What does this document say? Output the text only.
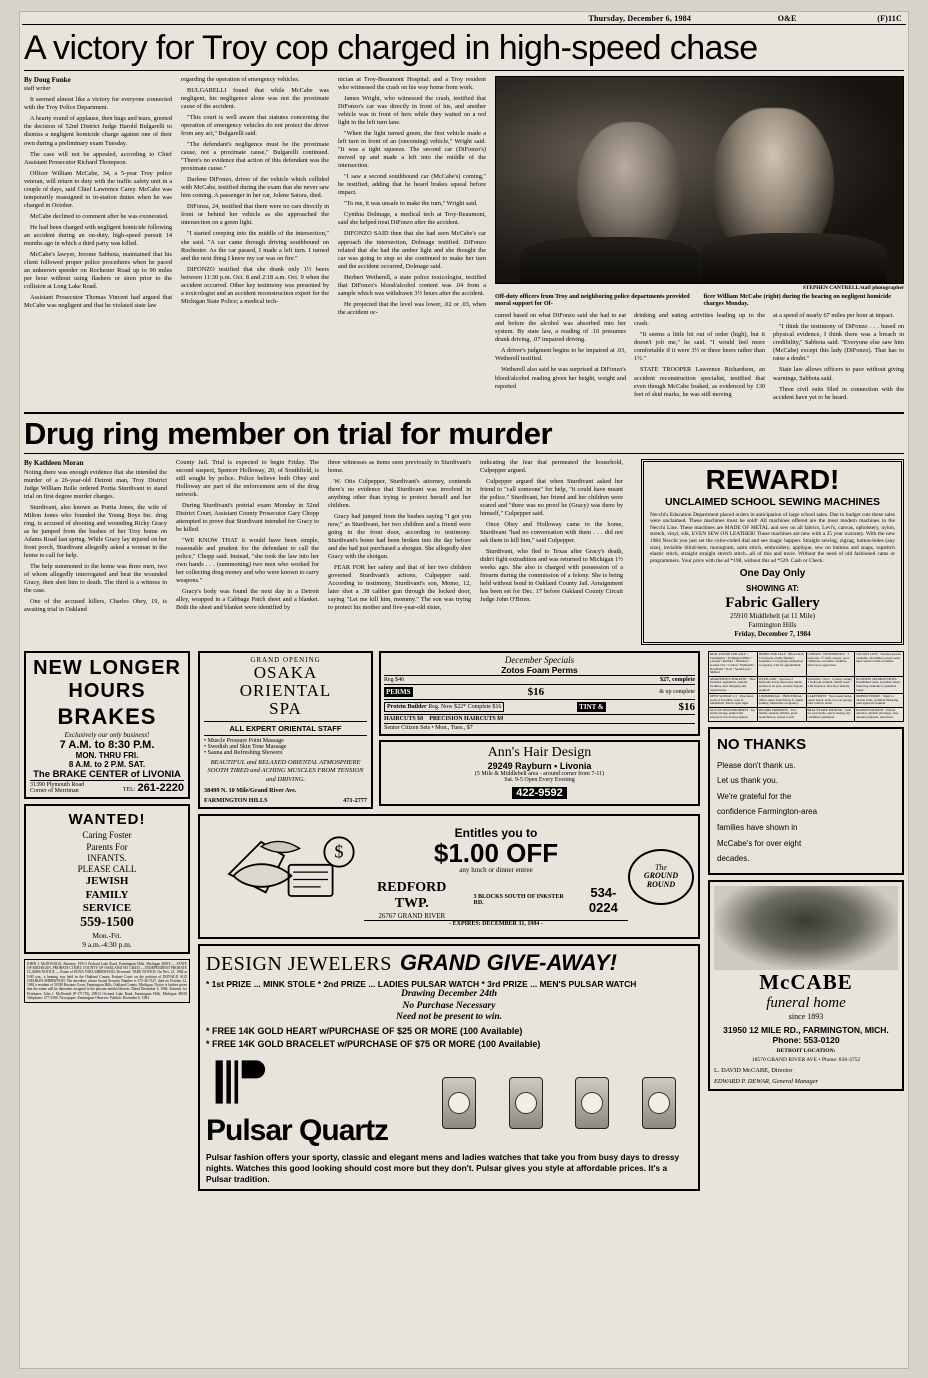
Thursday, December 6, 1984	O&E	(F)11C
A victory for Troy cop charged in high-speed chase
By Doug Funke
staff writer

It seemed almost like a victory for everyone connected with the Troy Police Department.

A hearty round of applause, then hugs and tears, greeted the decision of 52nd District Judge Harold Bulgarelli to dismiss a negligent homicide charge against one of their own during a preliminary exam Tuesday.

The case will not be appealed, according to Chief Assistant Prosecutor Richard Thompson.

Officer William McCabe, 34, a 5-year Troy police veteran, will return to duty with the traffic safety unit in a couple of days, said Chief Lawrence Carey. McCabe was temporarily reassigned to in-station duties when he was charged in October.

McCabe declined to comment after he was exonerated.

He had been charged with negligent homicide following an accident during an on-duty, high-speed pursuit 14 months ago in which a third party was killed.

McCabe's lawyer, Jerome Sabbota, maintained that his client followed proper police procedures when he paced an unknown speeder on Rochester Road up to 90 miles per hour without using flashers or siren prior to the collision at Long Lake Road.

Assistant Prosecutor Thomas Vincent had argued that McCabe was negligent and that he violated state law

regarding the operation of emergency vehicles.

BULGARELLI found that while McCabe was negligent, his negligence alone was not the proximate cause of the accident.

"This court is well aware that statutes concerning the operation of emergency vehicles do not protect the driver from any act," Bulgarelli said.

"The defendant's negligence must be the proximate cause, not a proximate cause," Bulgarelli continued. "There's no evidence that action of this defendant was the proximate cause."

Darlene DiFonzo, driver of the vehicle which collided with McCabe, testified during the exam that she never saw him coming. A passenger in her car, Jolene Satora, died.

DiFonza, 24, testified that there were no cars directly in front or behind her vehicle as she approached the intersection on a green light.

"I started creeping into the middle of the intersection," she said. "A car came through driving southbound on Rochester. As the car passed, I made a left turn. I turned and the next thing I knew my car was on fire."

DIFONZO testified that she drank only 1½ beers between 11:30 p.m. Oct. 8 and 2:18 a.m. Oct. 9 when the accident occurred. Other key testimony was presented by a toxicologist and an accident reconstruction expert for the Michigan State Police; a medical tech-

nician at Troy-Beaumont Hospital; and a Troy resident who witnessed the crash on his way home from work.

James Wright, who witnessed the crash, testified that DiFonzo's car was directly in front of his, and another vehicle was in front of hers while they waited on a red light in the left turn lane.

"When the light turned green, the first vehicle made a left turn in front of an (oncoming) vehicle," Wright said. "It was a tight squeeze. The second car (DiFonzo's) moved up and made a left into the middle of the intersection.

"I saw a second southbound car (McCabe's) coming," he testified, adding that he heard brakes squeal before impact.

"To me, it was unsafe to make the turn," Wright said.

Cynthia Dolmage, a medical tech at Troy-Beaumont, said she helped treat DiFonzo after the accident.

DIFONZO SAID then that she had seen McCabe's car approach the intersection, Dolmage testified. DiFonzo related that she had the amber light and she thought the car was going to stop so she continued to make her turn and the accident occurred, Dolmage said.

Herbert Wetherell, a state police toxicologist, testified that DiFonzo's blood/alcohol content was .04 from a sample which was withdrawn 3½ hours after the accident.

He projected that the level was lower, .02 or .03, when the accident oc-

STEPHEN CANTRELL/staff photographer
Off-duty officers from Troy and neighboring police departments provided moral support for Of-
ficer William McCabe (right) during the hearing on negligent homicide charges Monday.

curred based on what DiFonzo said she had to eat and before the alcohol was absorbed into her system. By state law, a reading of .10 presumes drunk driving, .07 impaired driving.

A driver's judgment begins to be impaired at .03, Wetherell testified.

Wetherell also said he was surprised at DiFonzo's blood/alcohol reading given her height, weight and reported

drinking and eating activities leading up to the crash.

"It seems a little bit out of order (high), but it doesn't jolt me," he said. "I would feel more comfortable if it were 3½ or three beers rather than 1½."

STATE TROOPER Lawrence Richardson, an accident reconstruction specialist, testified that even though McCabe braked, as evidenced by 130 feet of skid marks, he was still moving

at a speed of nearly 67 miles per hour at impact.

"I think the testimony of DiFonzo . . . based on physical evidence, I think there was a breach in credibility," Sabbota said. "Everyone else saw him (McCabe) except this lady (DiFonzo). That has to raise a doubt."

State law allows officers to pace without giving warnings, Sabbota said.

Three civil suits filed in connection with the accident have yet to be heard.

Drug ring member on trial for murder
By Kathleen Moran

Noting there was enough evidence that she intended the murder of a 26-year-old Detroit man, Troy District Judge William Bolle ordered Portia Sturdivant to stand trial on first degree murder charges.

Sturdivant, also known as Portia Jones, the wife of Milton Jones who founded the Young Boys Inc. drug ring, is accused of shooting and wounding Ricky Gracy as he jumped from the bushes of her Troy home on Adams Road last spring. While Gracy lay injured on her front porch, Sturdivant allegedly asked a woman in the home to call for help.

The help summoned to the home was three men, two of whom allegedly interrogated and beat the wounded Gracy, then shot him to death. The third is a witness in the case.

One of the accused killers, Charles Obey, 19, is awaiting trial in Oakland

County Jail. Trial is expected to begin Friday. The second suspect, Spencer Holloway, 20, of Southfield, is still sought by police. Police believe both Obey and Holloway are part of the enforcement arm of the drug network.

During Sturdivant's pretrial exam Monday in 52nd District Court, Assistant County Prosecutor Gary Chopp attempted to prove that Sturdivant intended for Gracy to be killed.

"WE KNOW THAT it would have been simple, reasonable and prudent for the defendant to call the police," Chopp said. Instead, "she took the law into her own hands . . . (summoning) two men who worked for her collecting drug money and who were known to carry weapons."

Gracy's body was found the next day in a Detroit alley, wrapped in a Cabbage Patch sheet and a blanket. Both the sheet and blanket were identified by

three witnesses as items seen previously in Sturdivant's home.

W. Otis Culpepper, Sturdivant's attorney, contends there's no evidence that Sturdivant was involved in anything other than trying to protect herself and her children.

Gracy had jumped from the bushes saying "I got you now," as Sturdivant, her two children and a friend were going in the front door, according to testimony. Sturdivant's home had been broken into the day before and she had just purchased a shotgun. She allegedly shot Gracy with the shotgun.

FEAR FOR her safety and that of her two children governed Sturdivant's actions, Culpepper said. According to testimony, Sturdivant's son, Momo, 12, later shot a .38 caliber gun through the locked door, saying "Let me kill him, mommy." The son was trying to protect his mother and five-year-old sister,

indicating the fear that permeated the household, Culpepper argued.

Culpepper argued that when Sturdivant asked her friend to "call someone" for help, "it could have meant the police." Sturdivant, her friend and her children were scared and "there was no proof he (Gracy) was there by himself," Culpepper said.

Once Obey and Holloway came to the home, Sturdivant "had no conversation with them . . . did not ask them to kill him," said Culpepper.

Sturdivant, who fled to Texas after Gracy's death, didn't fight extradition and was returned to Michigan 1½ weeks ago. She also is charged with possession of a firearm during the commission of a felony. She is being held without bond in Oakland County Jail. Arraignment has been set for Dec. 17 before Oakland County Circuit Judge John O'Brien.

REWARD!
UNCLAIMED SCHOOL SEWING MACHINES
Necchi's Education Department placed orders in anticipation of large school sales. Due to budget cuts these sales were unclaimed. These machines must be sold! All machines offered are the most modern machines in the Necchi Line. These machines are MADE OF METAL and sew on all fabrics, Levi's, canvas, upholstery, nylon, stretch, vinyl, silk, EVEN SEW ON LEATHER! These machines are new with a 25 year warranty. With the new 1984 Necchi you just set the color-coded dial and see magic happen. Straight sewing, zigzag, button-holes (any size), invisible blind-hem, monogram, satin stitch, embroidery, applique, sew on buttons and snaps, topstitch elastic stitch, straight straight stretch stitch...all of this and more. Without the need of old fashioned cams or programmers. Your price with the ad *198, without this ad *529. Cash or Check.
One Day Only
SHOWING AT:
Fabric Gallery
25910 Middlebelt (at 11 Mile)
Farmington Hills
Friday, December 7, 1984
NEW LONGER HOURS
BRAKES
Exclusively our only business!
7 A.M. to 8:30 P.M.
MON. THRU FRI.
8 A.M. to 2 P.M. SAT.
The BRAKE CENTER of LIVONIA
31390 Plymouth Road
Corner of Merriman	TEL: 261-2220
WANTED!
Caring Foster
Parents For
INFANTS.
PLEASE CALL
JEWISH
FAMILY
SERVICE
559-1500
Mon.-Fri.
9 a.m.-4:30 p.m.
JOHN J. McDONALD, Attorney, 19313 Orchard Lake Road, Farmington Hills, Michigan 48018 — STATE OF MICHIGAN, PROBATE COURT, COUNTY OF OAKLAND NO 146333 — INDEPENDENT PROBATE CLAIMS NOTICE — Estate of EDNA VIDA SHERWOOD, Deceased. TAKE NOTICE: On Nov. 21, 1984 at 9:00 a.m., a hearing was held in the Oakland County Probate Court on the petition of DONALD ALD CHARLES SHERWOOD. The decedent, whose Social Security Number is 375-46-7147, died on October 12, 1984 a resident of 31950 Bostano Court, Farmington Hills, Oakland County, Michigan. Notice is further given that the estate will be thereafter assigned to the persons entitled thereto. Dated December 3, 1984. Attorney for Petitioner: John J. McDonald (P-171719), 29913 Orchard Lake Road, Farmington Hills, Michigan 48018 Telephone: 477-5500. Newspaper: Farmington Observer. Publish: December 6, 1984
GRAND OPENING
OSAKA
ORIENTAL
SPA
ALL EXPERT ORIENTAL STAFF
• Muscle Pressure Point Massage
• Swedish and Skin Tone Massage
• Sauna and Refreshing Showers
BEAUTIFUL and RELAXED ORIENTAL ATMOSPHERE SOOTH TIRED and ACHING MUSCLES FROM TENSION and DRIVING.
38499 N. 10 Mile/Grand River Ave.
FARMINGTON HILLS	471-2777
December Specials
Zotos Foam Perms
Reg $46	$27, complete
PERMS	$16	& up complete
Protein Builder Reg. Now $22* Complete $16	TINT &	$16
HAIRCUTS $8 PRECISION HAIRCUTS $9
Senior Citizen Sets • Mon., Tues., $7
Ann's Hair Design
29249 Rayburn • Livonia
(5 Mile & Middlebelt area - around corner from 7-11)
Sat. 9-5 Open Every Evening
422-9592
$
Entitles you to
$1.00 OFF
any lunch or dinner entree
REDFORD TWP.
26767 GRAND RIVER
3 BLOCKS SOUTH OF INKSTER RD.
534-0224
- EXPIRES: DECEMBER 31, 1984 -
The
GROUND
ROUND
DESIGN JEWELERS GRAND GIVE-AWAY!
* 1st PRIZE ... MINK STOLE * 2nd PRIZE ... LADIES PULSAR WATCH * 3rd PRIZE ... MEN'S PULSAR WATCH
Drawing December 24th
No Purchase Necessary
Need not be present to win.
* FREE 14K GOLD HEART w/PURCHASE OF $25 OR MORE (100 Available)
* FREE 14K GOLD BRACELET w/PURCHASE OF $75 OR MORE (100 Available)
Pulsar Quartz
Pulsar fashion offers your sporty, classic and elegant mens and ladies watches that take you from busy days to dressy nights. Watches this good looking should cost more but they don't. Pulsar gives you style at affordable prices. It's a Pulsar tradition.
REAL ESTATE FOR SALE • Farmington • Farmington Hills • Livonia • Redford • Westland • Garden City • Canton • Plymouth • Northville • Novi • South Lyon • Milford
HOMES FOR SALE · Brick ranch, 3 bedroom, 2 bath, finished basement, 2 car garage, immediate occupancy. Call for appointment.
CONDOS / TOWNHOUSES · 2 bedroom, 1½ bath, carport, pool, clubhouse, excellent condition, must see to appreciate.
VACANT LOTS · Wooded parcels available, all utilities, paved roads, land contract terms available.
APARTMENTS FOR RENT · Heat included, appliances, laundry facilities, near shopping and expressways.
WESTLAND · Spacious 2 bedroom, newly decorated, adults preferred, no pets, security deposit required.
Northville / Novi · Country setting, 3 bedroom colonial, family room with fireplace, first floor laundry.
BUSINESS OPPORTUNITIES · Established route, excellent return, financing available to qualified buyer.
OPEN SUNDAY 2-5 · Directions: north of Ten Mile, west of Middlebelt, follow open signs.
COMMERCIAL / INDUSTRIAL · Office suites from 600 sq ft, ample parking, immediate occupancy.
LAKEFRONT · Year-round home, sandy beach, dock, two-car garage, land contract terms.
MOBILE HOMES · Many to choose from, excellent financing, park approval required.
OUT OF TOWN PROPERTY · Up north acreage, perked and surveyed, low down payment.
INCOME PROPERTY · Two family, separate utilities, good rental history, priced to sell.
REAL ESTATE WANTED · Cash for your home, quick closing, any condition considered.
ROOMS FOR RENT · Private entrance, kitchen privileges, non-smoker preferred, references.
NO THANKS

Please don't thank us.

Let us thank you.

We're grateful for the

confidence Farmington-area

families have shown in

McCabe's for over eight

decades.

McCABE
funeral home
since 1893
31950 12 MILE RD., FARMINGTON, MICH.
Phone: 553-0120
DETROIT LOCATION:
18570 GRAND RIVER AVE • Phone: 836-3752
L. DAVID McCABE, Director
EDWARD P. DEWAR, General Manager
